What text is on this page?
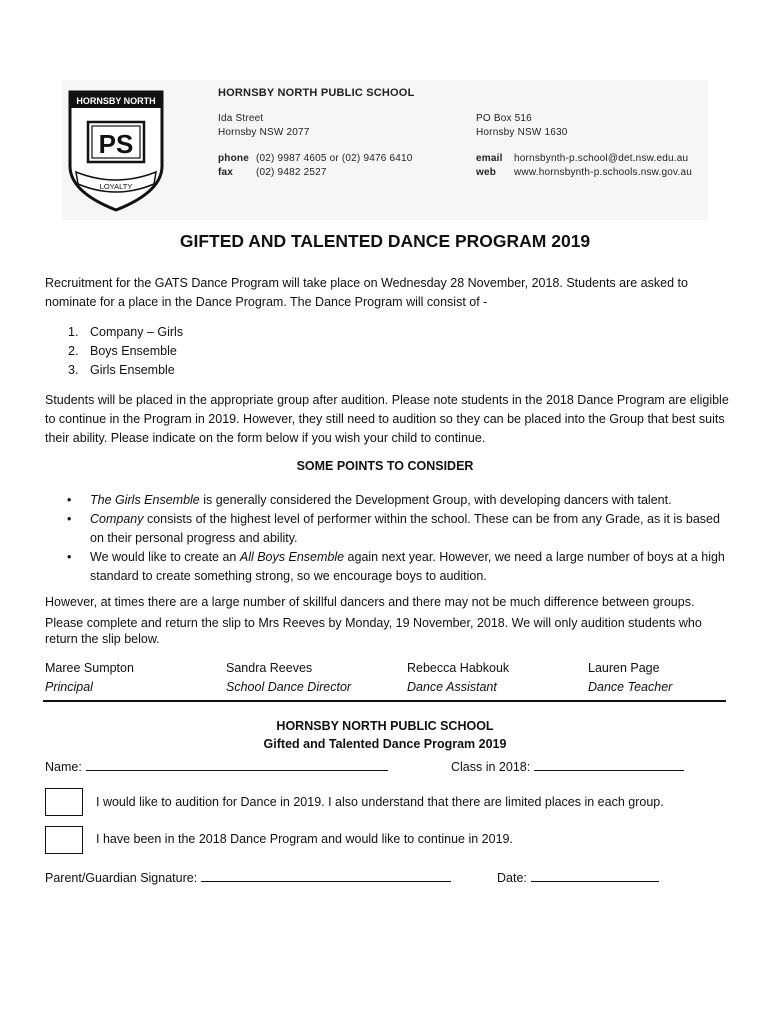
HORNSBY NORTH
PS
LOYALTY
HORNSBY NORTH PUBLIC SCHOOL
Ida Street
Hornsby NSW 2077
PO Box 516
Hornsby NSW 1630
phone (02) 9987 4605 or (02) 9476 6410
fax (02) 9482 2527
email hornsbynth-p.school@det.nsw.edu.au
web www.hornsbynth-p.schools.nsw.gov.au
GIFTED AND TALENTED DANCE PROGRAM 2019
Recruitment for the GATS Dance Program will take place on Wednesday 28 November, 2018. Students are asked to nominate for a place in the Dance Program. The Dance Program will consist of -
1. Company – Girls
2. Boys Ensemble
3. Girls Ensemble
Students will be placed in the appropriate group after audition. Please note students in the 2018 Dance Program are eligible to continue in the Program in 2019. However, they still need to audition so they can be placed into the Group that best suits their ability. Please indicate on the form below if you wish your child to continue.
SOME POINTS TO CONSIDER
• The Girls Ensemble is generally considered the Development Group, with developing dancers with talent.
• Company consists of the highest level of performer within the school. These can be from any Grade, as it is based on their personal progress and ability.
• We would like to create an All Boys Ensemble again next year. However, we need a large number of boys at a high standard to create something strong, so we encourage boys to audition.
However, at times there are a large number of skillful dancers and there may not be much difference between groups.
Please complete and return the slip to Mrs Reeves by Monday, 19 November, 2018. We will only audition students who return the slip below.
Maree Sumpton
Principal
Sandra Reeves
School Dance Director
Rebecca Habkouk
Dance Assistant
Lauren Page
Dance Teacher
HORNSBY NORTH PUBLIC SCHOOL
Gifted and Talented Dance Program 2019
Name:	Class in 2018:
I would like to audition for Dance in 2019. I also understand that there are limited places in each group.
I have been in the 2018 Dance Program and would like to continue in 2019.
Parent/Guardian Signature:	Date:
